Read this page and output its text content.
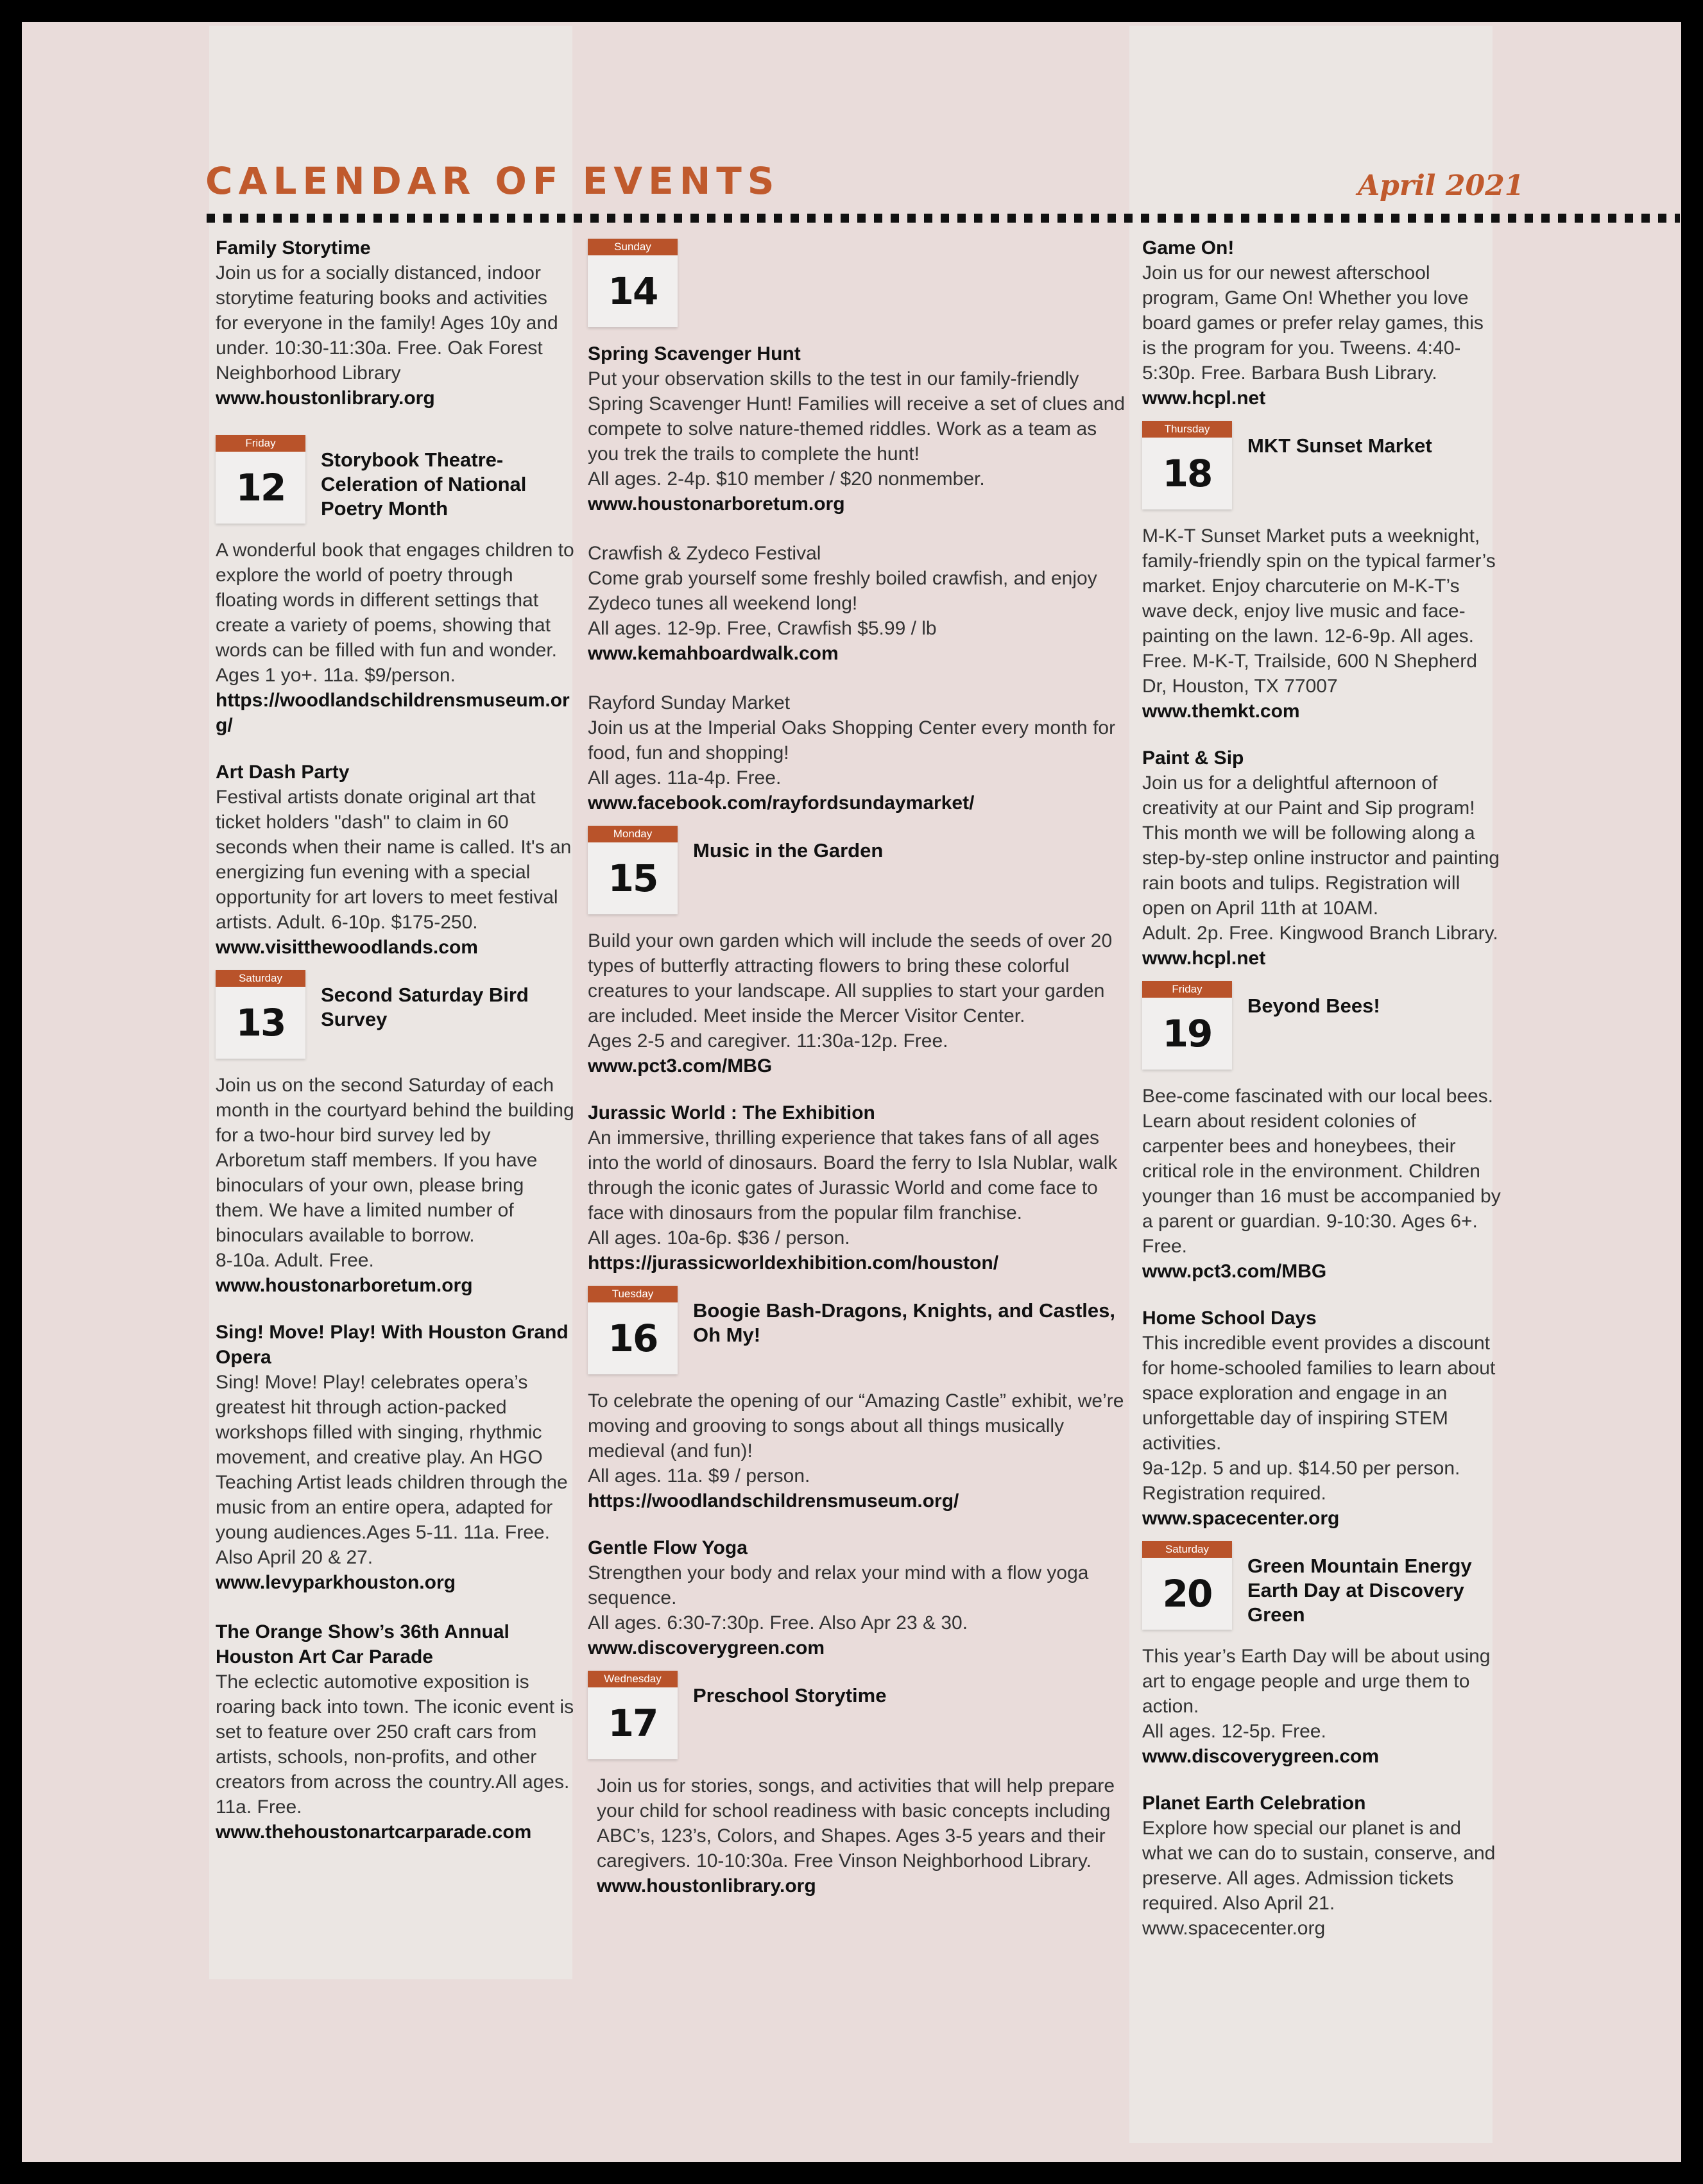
CALENDAR OF EVENTS	April 2021
Family Storytime
Join us for a socially distanced, indoor storytime featuring books and activities for everyone in the family! Ages 10y and under. 10:30-11:30a. Free. Oak Forest Neighborhood Library
www.houstonlibrary.org
Friday
12
Storybook Theatre-Celeration of National Poetry Month
A wonderful book that engages children to explore the world of poetry through floating words in different settings that create a variety of poems, showing that words can be filled with fun and wonder.
Ages 1 yo+. 11a. $9/person.
https://woodlandschildrensmuseum.org/
Art Dash Party
Festival artists donate original art that ticket holders "dash" to claim in 60 seconds when their name is called. It's an energizing fun evening with a special opportunity for art lovers to meet festival artists. Adult. 6-10p. $175-250.
www.visitthewoodlands.com
Saturday
13
Second Saturday Bird Survey
Join us on the second Saturday of each month in the courtyard behind the building for a two-hour bird survey led by Arboretum staff members. If you have binoculars of your own, please bring them. We have a limited number of binoculars available to borrow.
8-10a. Adult. Free.
www.houstonarboretum.org
Sing! Move! Play! With Houston Grand Opera
Sing! Move! Play! celebrates opera’s greatest hit through action-packed workshops filled with singing, rhythmic movement, and creative play. An HGO Teaching Artist leads children through the music from an entire opera, adapted for young audiences.Ages 5-11. 11a. Free. Also April 20 & 27.
www.levyparkhouston.org
The Orange Show’s 36th Annual Houston Art Car Parade
The eclectic automotive exposition is roaring back into town. The iconic event is set to feature over 250 craft cars from artists, schools, non-profits, and other creators from across the country.All ages. 11a. Free.
www.thehoustonartcarparade.com
Sunday
14
Spring Scavenger Hunt
Put your observation skills to the test in our family-friendly Spring Scavenger Hunt! Families will receive a set of clues and compete to solve nature-themed riddles. Work as a team as you trek the trails to complete the hunt!
All ages. 2-4p. $10 member / $20 nonmember.
www.houstonarboretum.org
Crawfish & Zydeco Festival
Come grab yourself some freshly boiled crawfish, and enjoy Zydeco tunes all weekend long!
All ages. 12-9p. Free, Crawfish $5.99 / lb
www.kemahboardwalk.com
Rayford Sunday Market
Join us at the Imperial Oaks Shopping Center every month for food, fun and shopping!
All ages. 11a-4p. Free.
www.facebook.com/rayfordsundaymarket/
Monday
15
Music in the Garden
Build your own garden which will include the seeds of over 20 types of butterfly attracting flowers to bring these colorful creatures to your landscape. All supplies to start your garden are included. Meet inside the Mercer Visitor Center.
Ages 2-5 and caregiver. 11:30a-12p. Free.
www.pct3.com/MBG
Jurassic World : The Exhibition
An immersive, thrilling experience that takes fans of all ages into the world of dinosaurs. Board the ferry to Isla Nublar, walk through the iconic gates of Jurassic World and come face to face with dinosaurs from the popular film franchise.
All ages. 10a-6p. $36 / person.
https://jurassicworldexhibition.com/houston/
Tuesday
16
Boogie Bash-Dragons, Knights, and Castles, Oh My!
To celebrate the opening of our “Amazing Castle” exhibit, we’re moving and grooving to songs about all things musically medieval (and fun)!
All ages. 11a. $9 / person.
https://woodlandschildrensmuseum.org/
Gentle Flow Yoga
Strengthen your body and relax your mind with a flow yoga sequence.
All ages. 6:30-7:30p. Free. Also Apr 23 & 30.
www.discoverygreen.com
Wednesday
17
Preschool Storytime
Join us for stories, songs, and activities that will help prepare your child for school readiness with basic concepts including ABC’s, 123’s, Colors, and Shapes. Ages 3-5 years and their caregivers. 10-10:30a. Free Vinson Neighborhood Library.
www.houstonlibrary.org
Game On!
Join us for our newest afterschool program, Game On! Whether you love board games or prefer relay games, this is the program for you. Tweens. 4:40-5:30p. Free. Barbara Bush Library.
www.hcpl.net
Thursday
18
MKT Sunset Market
M-K-T Sunset Market puts a weeknight, family-friendly spin on the typical farmer’s market. Enjoy charcuterie on M-K-T’s wave deck, enjoy live music and face-painting on the lawn. 12-6-9p. All ages. Free. M-K-T, Trailside, 600 N Shepherd Dr, Houston, TX 77007
www.themkt.com
Paint & Sip
Join us for a delightful afternoon of creativity at our Paint and Sip program! This month we will be following along a step-by-step online instructor and painting rain boots and tulips. Registration will open on April 11th at 10AM.
Adult. 2p. Free. Kingwood Branch Library.
www.hcpl.net
Friday
19
Beyond Bees!
Bee-come fascinated with our local bees. Learn about resident colonies of carpenter bees and honeybees, their critical role in the environment. Children younger than 16 must be accompanied by a parent or guardian. 9-10:30. Ages 6+. Free.
www.pct3.com/MBG
Home School Days
This incredible event provides a discount for home-schooled families to learn about space exploration and engage in an unforgettable day of inspiring STEM activities.
9a-12p. 5 and up. $14.50 per person. Registration required.
www.spacecenter.org
Saturday
20
Green Mountain Energy Earth Day at Discovery Green
This year’s Earth Day will be about using art to engage people and urge them to action.
All ages. 12-5p. Free.
www.discoverygreen.com
Planet Earth Celebration
Explore how special our planet is and what we can do to sustain, conserve, and preserve. All ages. Admission tickets required. Also April 21.
www.spacecenter.org
